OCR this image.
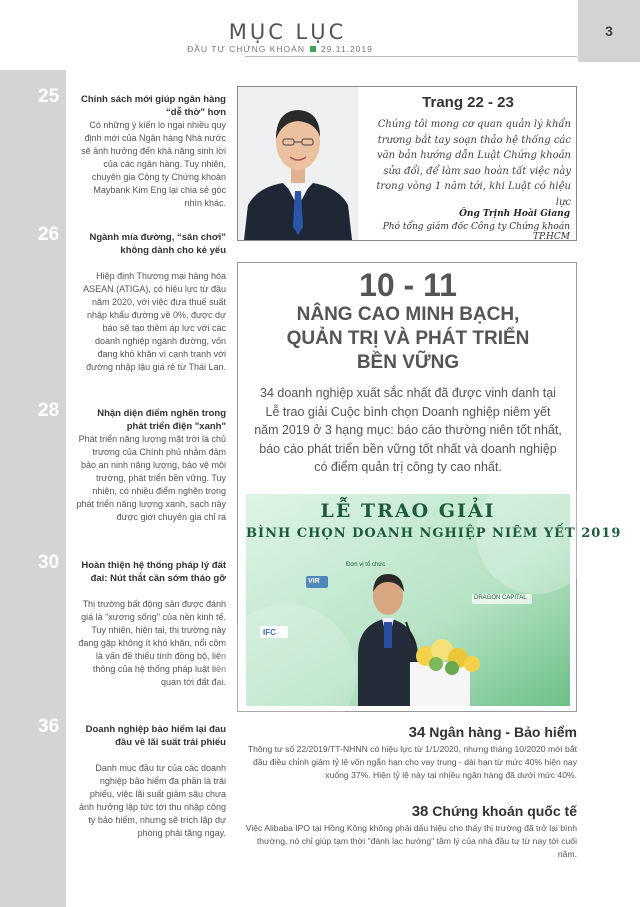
MỤC LỤC
ĐẦU TƯ CHỨNG KHOÁN 29.11.2019
3
25	Chính sách mới giúp ngân hàng “dễ thở” hơn
Có những ý kiến lo ngại nhiều quy định mới của Ngân hàng Nhà nước sẽ ảnh hưởng đến khả năng sinh lời của các ngân hàng. Tuy nhiên, chuyên gia Công ty Chứng khoán Maybank Kim Eng lại chia sẻ góc nhìn khác.
26	Ngành mía đường, “sân chơi” không dành cho kẻ yếu
Hiệp định Thương mại hàng hóa ASEAN (ATIGA), có hiệu lực từ đầu năm 2020, với việc đưa thuế suất nhập khẩu đường về 0%, được dự báo sẽ tạo thêm áp lực với các doanh nghiệp ngành đường, vốn đang khó khăn vì cạnh tranh với đường nhập lậu giá rẻ từ Thái Lan.
28	Nhận diện điểm nghẽn trong phát triển điện "xanh"
Phát triển năng lượng mặt trời là chủ trương của Chính phủ nhằm đảm bảo an ninh năng lượng, bảo vệ môi trường, phát triển bền vững. Tuy nhiên, có nhiều điểm nghẽn trong phát triển năng lượng xanh, sạch này được giới chuyên gia chỉ ra
30	Hoàn thiện hệ thống pháp lý đất đai: Nút thắt cần sớm tháo gỡ
Thị trường bất động sản được đánh giá là "xương sống" của nền kinh tế. Tuy nhiên, hiện tại, thị trường này đang gặp không ít khó khăn, nổi cộm là vấn đề thiếu tính đồng bộ, liên thông của hệ thống pháp luật liên quan tới đất đai.
36	Doanh nghiệp bảo hiểm lại đau đầu về lãi suất trái phiếu
Danh mục đầu tư của các doanh nghiệp bảo hiểm đa phần là trái phiếu, việc lãi suất giảm sâu chưa ảnh hưởng lập tức tới thu nhập công ty bảo hiểm, nhưng sẽ trích lập dự phòng phải tăng ngay.
Trang 22 - 23
Chúng tôi mong cơ quan quản lý khẩn trương bắt tay soạn thảo hệ thống các văn bản hướng dẫn Luật Chứng khoán sửa đổi, để làm sao hoàn tất việc này trong vòng 1 năm tới, khi Luật có hiệu lực
Ông Trịnh Hoài Giang
Phó tổng giám đốc Công ty Chứng khoán TP.HCM
10 - 11
NÂNG CAO MINH BẠCH,
QUẢN TRỊ VÀ PHÁT TRIỂN
BỀN VỮNG
34 doanh nghiệp xuất sắc nhất đã được vinh danh tại Lễ trao giải Cuộc bình chọn Doanh nghiệp niêm yết năm 2019 ở 3 hạng mục: báo cáo thường niên tốt nhất, báo cáo phát triển bền vững tốt nhất và doanh nghiệp có điểm quản trị công ty cao nhất.
LỄ TRAO GIẢI
BÌNH CHỌN DOANH NGHIỆP NIÊM YẾT 2019
Đơn vị tổ chức
VIR
IFC
DRAGON CAPITAL
34 Ngân hàng - Bảo hiểm
Thông tư số 22/2019/TT-NHNN có hiệu lực từ 1/1/2020, nhưng tháng 10/2020 mới bắt đầu điều chỉnh giảm tỷ lệ vốn ngắn hạn cho vay trung - dài hạn từ mức 40% hiện nay xuống 37%. Hiện tỷ lệ này tại nhiều ngân hàng đã dưới mức 40%.
38 Chứng khoán quốc tế
Việc Alibaba IPO tại Hồng Kông không phải dấu hiệu cho thấy thị trường đã trở lại bình thường, nó chỉ giúp tạm thời "đánh lạc hướng" tâm lý của nhà đầu tư từ nay tới cuối năm.
